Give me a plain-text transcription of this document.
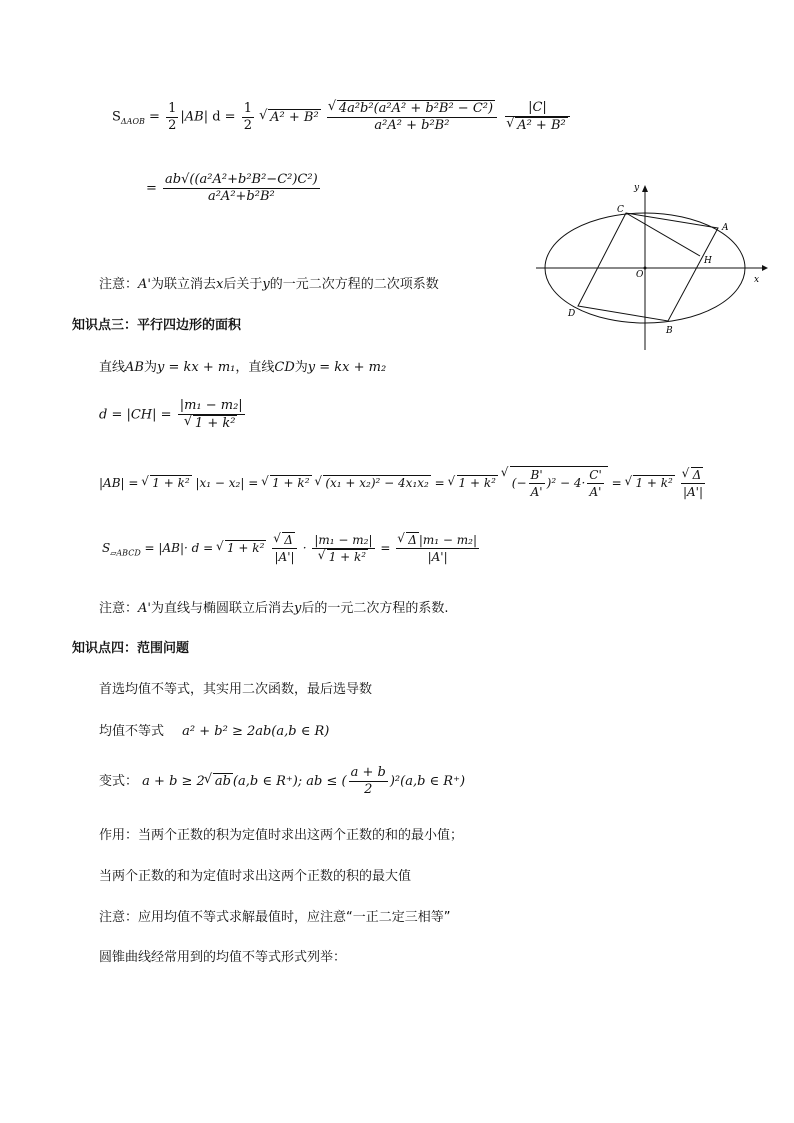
$S_{\Delta AOB} = \frac{1}{2} |AB|$ $d = \frac{1}{2}$ √ A² + B² √ $\frac{\text{4a²b²(a²A² + b²B² − C²)}}{\text{a²A² + b²B²}}$
|C|
√ A² + B²
= $\frac{\text{ab√((a²A²+b²B²−C²)C²)}}{\text{a²A²+b²B²}}$
注意：A'为联立消去x后关于y的一元二次方程的二次项系数	x
y
O
C
A
H
D
B
知识点三：平行四边形的面积
直线AB为y = kx + m₁，直线CD为y = kx + m₂
d = |CH| = |m₁ − m₂|
√ 1 + k²
|AB| = √ 1 + k² |x₁ − x₂| = √ 1 + k² √ (x₁ + x₂)² − 4x₁x₂ = √ 1 + k² √ (− $\frac{B'}{A'} )^2 - 4\cdot \frac{C'}{A'}$ = √ 1 + k² √ $\frac{\Delta}{|A'|}$
$S_{▱ABCD} = |AB|\cdot d$ = √ 1 + k² √ $\frac{\Delta}{|A'|} \cdot |m_1 - m_2|$
√ 1 + k² = √ $\frac{\text{Δ |m₁ − m₂|}}{|A'|}$
注意：A'为直线与椭圆联立后消去y后的一元二次方程的系数.
知识点四：范围问题
首选均值不等式，其实用二次函数，最后选导数
均值不等式 a² + b² ≥ 2ab(a,b ∈ R)
变式： a + b ≥ 2 √ ab (a,b ∈ R⁺); ab ≤ ( $\frac{a + b}{2} )^2(a,b$ ∈ R⁺)
作用：当两个正数的积为定值时求出这两个正数的和的最小值；
当两个正数的和为定值时求出这两个正数的积的最大值
注意：应用均值不等式求解最值时，应注意“一正二定三相等”
圆锥曲线经常用到的均值不等式形式列举：
